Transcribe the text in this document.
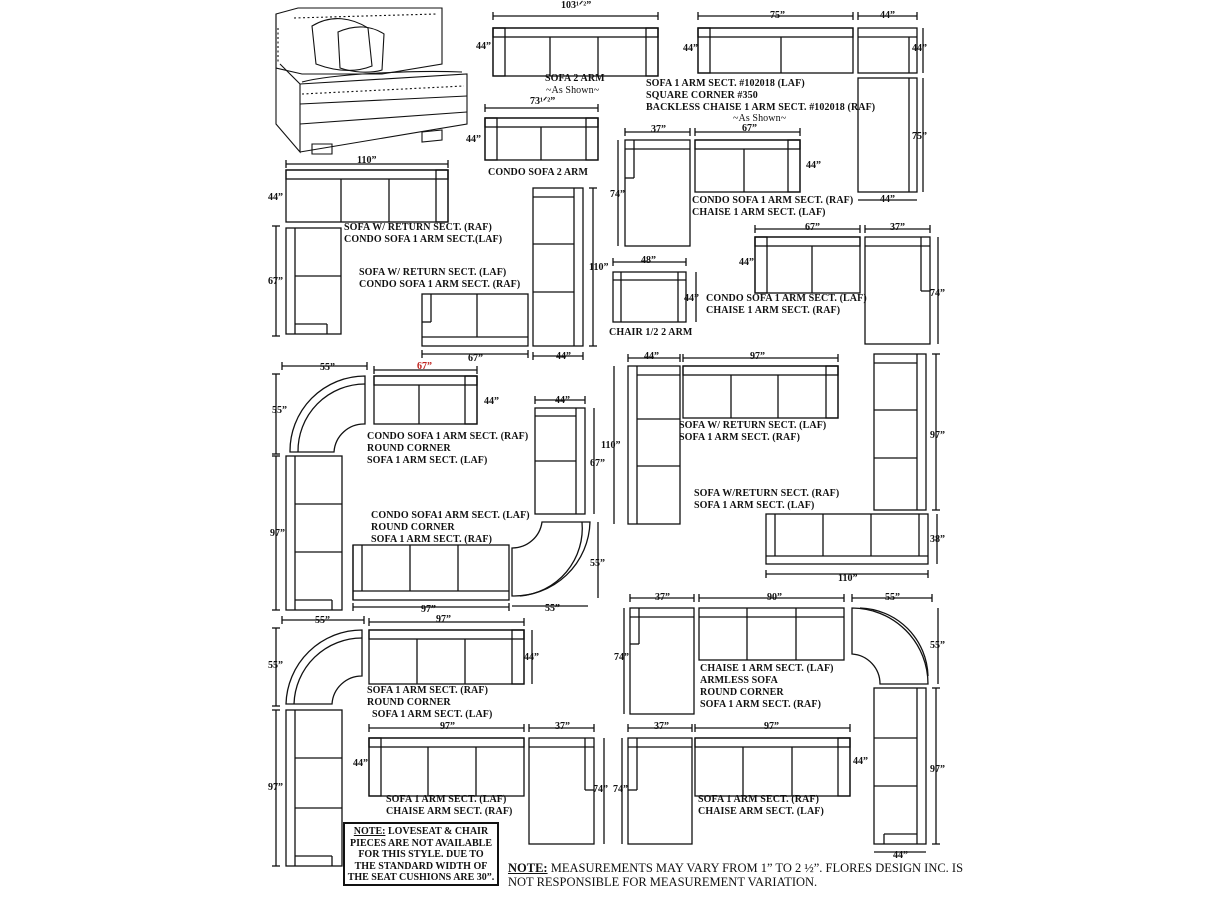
103¹ᐟ²”
44”
SOFA 2 ARM
~As Shown~
75”
44”
44”
44”
75”
44”
SOFA 1 ARM SECT. #102018 (LAF)
SQUARE CORNER #350
BACKLESS CHAISE 1 ARM SECT. #102018 (RAF)
~As Shown~
73¹ᐟ²”
44”
CONDO SOFA 2 ARM
37”
74”
67”
44”
CONDO SOFA 1 ARM SECT. (RAF)
CHAISE 1 ARM SECT. (LAF)
110”
44”
67”
SOFA W/ RETURN SECT. (RAF)
CONDO SOFA 1 ARM SECT.(LAF)
SOFA W/ RETURN SECT. (LAF)
CONDO SOFA 1 ARM SECT. (RAF)
67”
110”
44”
48”
44”
CHAIR 1/2 2 ARM
67”
44”
37”
74”
CONDO SOFA 1 ARM SECT. (LAF)
CHAISE 1 ARM SECT. (RAF)
55”
55”
67”
44”
CONDO SOFA 1 ARM SECT. (RAF)
ROUND CORNER
SOFA 1 ARM SECT. (LAF)
97”
44”
67”
CONDO SOFA1 ARM SECT. (LAF)
ROUND CORNER
SOFA 1 ARM SECT. (RAF)
97”
55”
55”
44”
110”
97”
SOFA W/ RETURN SECT. (LAF)
SOFA 1 ARM SECT. (RAF)	97”
SOFA W/RETURN SECT. (RAF)
SOFA 1 ARM SECT. (LAF)
38”
110”
55”
55”
97”
44”
SOFA 1 ARM SECT. (RAF)
ROUND CORNER
SOFA 1 ARM SECT. (LAF)
97”
37”
74”
90”	55”
55”
CHAISE 1 ARM SECT. (LAF)
ARMLESS SOFA
ROUND CORNER
SOFA 1 ARM SECT. (RAF)
97”
44”
97”
44”
37”
74”
SOFA 1 ARM SECT. (LAF)
CHAISE ARM SECT. (RAF)
37”
74”
97”
44”
SOFA 1 ARM SECT. (RAF)
CHAISE ARM SECT. (LAF)
NOTE: LOVESEAT & CHAIR PIECES ARE NOT AVAILABLE FOR THIS STYLE. DUE TO THE STANDARD WIDTH OF THE SEAT CUSHIONS ARE 30”.
NOTE: MEASUREMENTS MAY VARY FROM 1” TO 2 ½”. FLORES DESIGN INC. IS NOT RESPONSIBLE FOR MEASUREMENT VARIATION.
